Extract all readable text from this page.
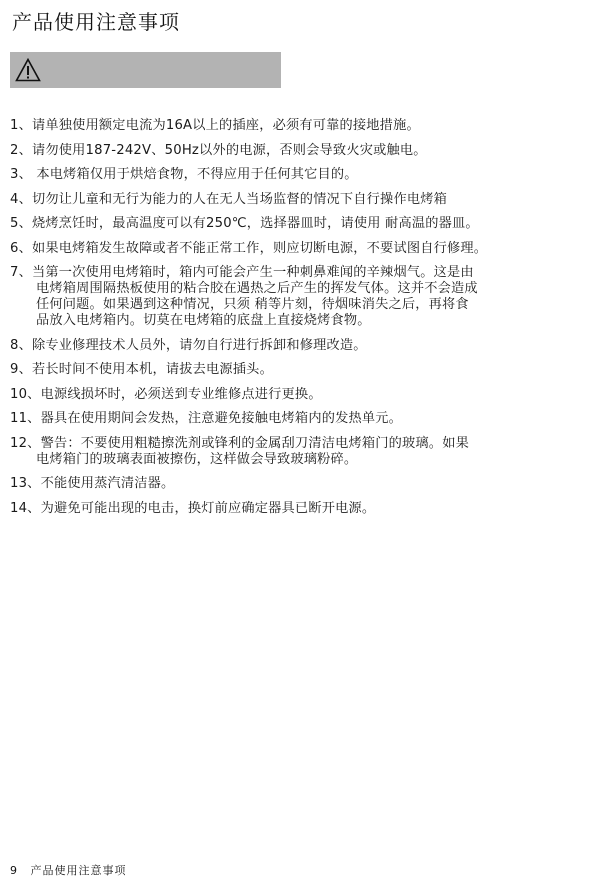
产品使用注意事项
1、请单独使用额定电流为16A以上的插座，必须有可靠的接地措施。
2、请勿使用187-242V、50Hz以外的电源，否则会导致火灾或触电。
3、 本电烤箱仅用于烘焙食物，不得应用于任何其它目的。
4、切勿让儿童和无行为能力的人在无人当场监督的情况下自行操作电烤箱
5、烧烤烹饪时，最高温度可以有250℃，选择器皿时，请使用 耐高温的器皿。
6、如果电烤箱发生故障或者不能正常工作，则应切断电源，不要试图自行修理。
7、当第一次使用电烤箱时，箱内可能会产生一种刺鼻难闻的辛辣烟气。这是由
电烤箱周围隔热板使用的粘合胶在遇热之后产生的挥发气体。这并不会造成
任何问题。如果遇到这种情况，只须 稍等片刻，待烟味消失之后，再将食
品放入电烤箱内。切莫在电烤箱的底盘上直接烧烤食物。
8、除专业修理技术人员外，请勿自行进行拆卸和修理改造。
9、若长时间不使用本机，请拔去电源插头。
10、电源线损坏时，必须送到专业维修点进行更换。
11、器具在使用期间会发热，注意避免接触电烤箱内的发热单元。
12、警告：不要使用粗糙擦洗剂或锋利的金属刮刀清洁电烤箱门的玻璃。如果
电烤箱门的玻璃表面被擦伤，这样做会导致玻璃粉碎。
13、不能使用蒸汽清洁器。
14、为避免可能出现的电击，换灯前应确定器具已断开电源。
9 产品使用注意事项
